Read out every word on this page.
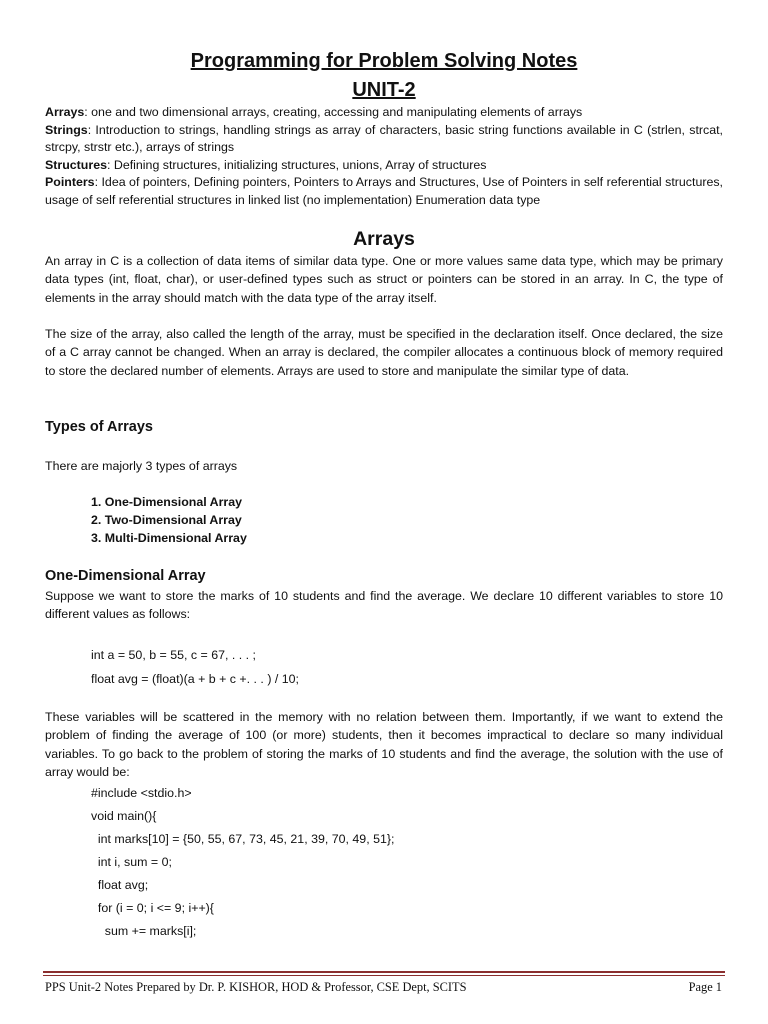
Programming for Problem Solving Notes
UNIT-2

Arrays: one and two dimensional arrays, creating, accessing and manipulating elements of arrays

Strings: Introduction to strings, handling strings as array of characters, basic string functions available in C (strlen, strcat, strcpy, strstr etc.), arrays of strings

Structures: Defining structures, initializing structures, unions, Array of structures

Pointers: Idea of pointers, Defining pointers, Pointers to Arrays and Structures, Use of Pointers in self referential structures, usage of self referential structures in linked list (no implementation) Enumeration data type

Arrays

An array in C is a collection of data items of similar data type. One or more values same data type, which may be primary data types (int, float, char), or user-defined types such as struct or pointers can be stored in an array. In C, the type of elements in the array should match with the data type of the array itself.

The size of the array, also called the length of the array, must be specified in the declaration itself. Once declared, the size of a C array cannot be changed. When an array is declared, the compiler allocates a continuous block of memory required to store the declared number of elements. Arrays are used to store and manipulate the similar type of data.

Types of Arrays

There are majorly 3 types of arrays

1. One-Dimensional Array
2. Two-Dimensional Array
3. Multi-Dimensional Array
One-Dimensional Array

Suppose we want to store the marks of 10 students and find the average. We declare 10 different variables to store 10 different values as follows:

int a = 50, b = 55, c = 67, . . . ;
float avg = (float)(a + b + c +. . . ) / 10;

These variables will be scattered in the memory with no relation between them. Importantly, if we want to extend the problem of finding the average of 100 (or more) students, then it becomes impractical to declare so many individual variables. To go back to the problem of storing the marks of 10 students and find the average, the solution with the use of array would be:

#include <stdio.h>
void main(){
int marks[10] = {50, 55, 67, 73, 45, 21, 39, 70, 49, 51};
int i, sum = 0;
float avg;
for (i = 0; i <= 9; i++){
sum += marks[i];
PPS Unit-2 Notes Prepared by Dr. P. KISHOR, HOD & Professor, CSE Dept, SCITS	Page 1
